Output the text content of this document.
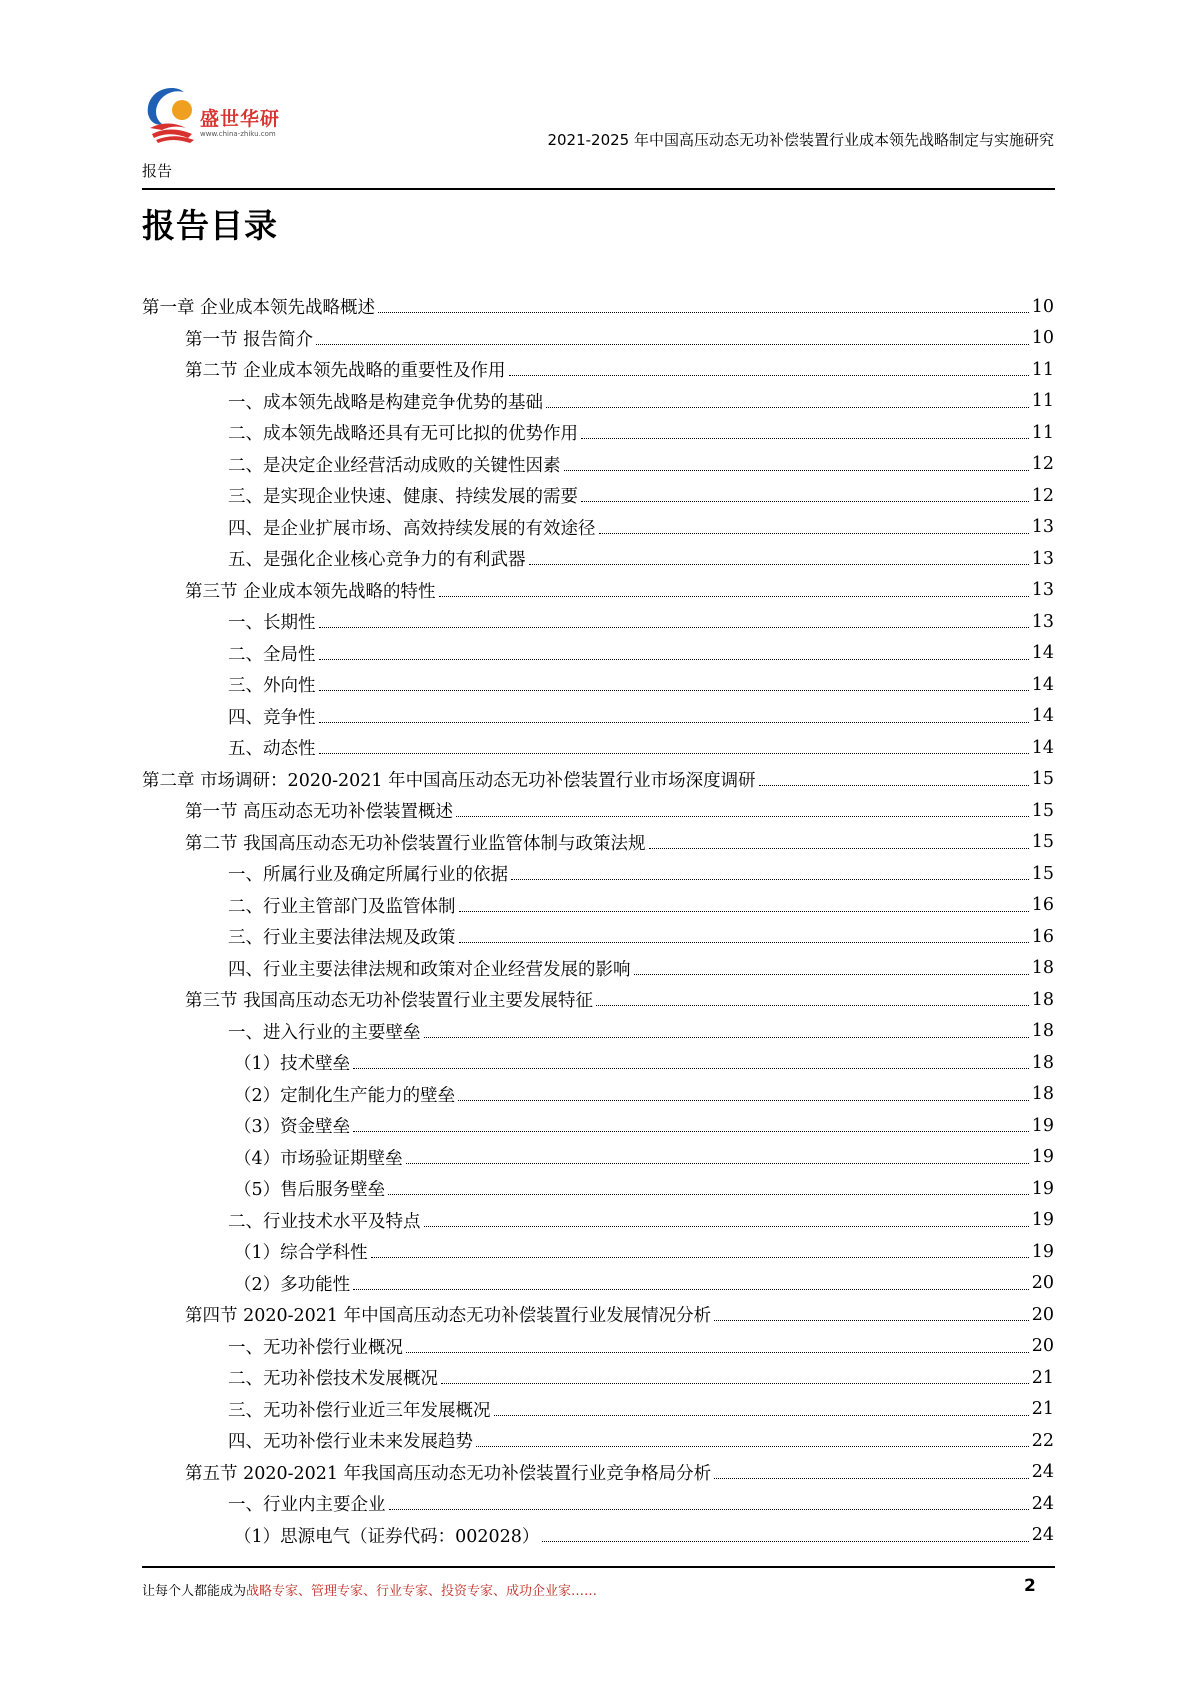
盛世华研
www.china-zhiku.com	2021-2025 年中国高压动态无功补偿装置行业成本领先战略制定与实施研究
报告
报告目录
第一章 企业成本领先战略概述	10
第一节 报告简介	10
第二节 企业成本领先战略的重要性及作用	11
一、成本领先战略是构建竞争优势的基础	11
二、成本领先战略还具有无可比拟的优势作用	11
二、是决定企业经营活动成败的关键性因素	12
三、是实现企业快速、健康、持续发展的需要	12
四、是企业扩展市场、高效持续发展的有效途径	13
五、是强化企业核心竞争力的有利武器	13
第三节 企业成本领先战略的特性	13
一、长期性	13
二、全局性	14
三、外向性	14
四、竞争性	14
五、动态性	14
第二章 市场调研：2020-2021 年中国高压动态无功补偿装置行业市场深度调研	15
第一节 高压动态无功补偿装置概述	15
第二节 我国高压动态无功补偿装置行业监管体制与政策法规	15
一、所属行业及确定所属行业的依据	15
二、行业主管部门及监管体制	16
三、行业主要法律法规及政策	16
四、行业主要法律法规和政策对企业经营发展的影响	18
第三节 我国高压动态无功补偿装置行业主要发展特征	18
一、进入行业的主要壁垒	18
（1）技术壁垒	18
（2）定制化生产能力的壁垒	18
（3）资金壁垒	19
（4）市场验证期壁垒	19
（5）售后服务壁垒	19
二、行业技术水平及特点	19
（1）综合学科性	19
（2）多功能性	20
第四节 2020-2021 年中国高压动态无功补偿装置行业发展情况分析	20
一、无功补偿行业概况	20
二、无功补偿技术发展概况	21
三、无功补偿行业近三年发展概况	21
四、无功补偿行业未来发展趋势	22
第五节 2020-2021 年我国高压动态无功补偿装置行业竞争格局分析	24
一、行业内主要企业	24
（1）思源电气（证券代码：002028）	24
让每个人都能成为战略专家、管理专家、行业专家、投资专家、成功企业家……	2
